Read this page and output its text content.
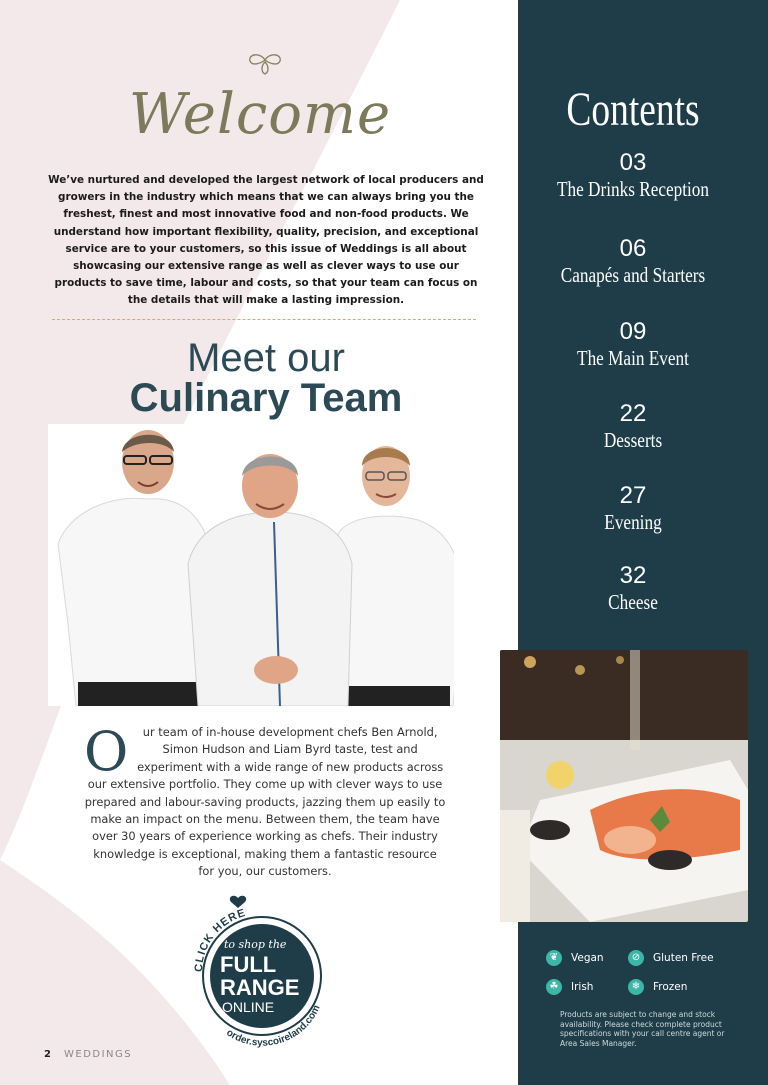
Welcome
We’ve nurtured and developed the largest network of local producers and growers in the industry which means that we can always bring you the freshest, finest and most innovative food and non-food products. We understand how important flexibility, quality, precision, and exceptional service are to your customers, so this issue of Weddings is all about showcasing our extensive range as well as clever ways to use our products to save time, labour and costs, so that your team can focus on the details that will make a lasting impression.
Meet our
Culinary Team
O ur team of in-house development chefs Ben Arnold, Simon Hudson and Liam Byrd taste, test and experiment with a wide range of new products across our extensive portfolio. They come up with clever ways to use prepared and labour-saving products, jazzing them up easily to make an impact on the menu. Between them, the team have over 30 years of experience working as chefs. Their industry knowledge is exceptional, making them a fantastic resource for you, our customers.
CLICK HERE
order.syscoireland.com
to shop the
FULL
RANGE
ONLINE
2 WEDDINGS
Contents
03
The Drinks Reception
06
Canapés and Starters
09
The Main Event
22
Desserts
27
Evening
32
Cheese
❦ Vegan	⊘ Gluten Free
☘ Irish	❄ Frozen
Products are subject to change and stock availability. Please check complete product specifications with your call centre agent or Area Sales Manager.
